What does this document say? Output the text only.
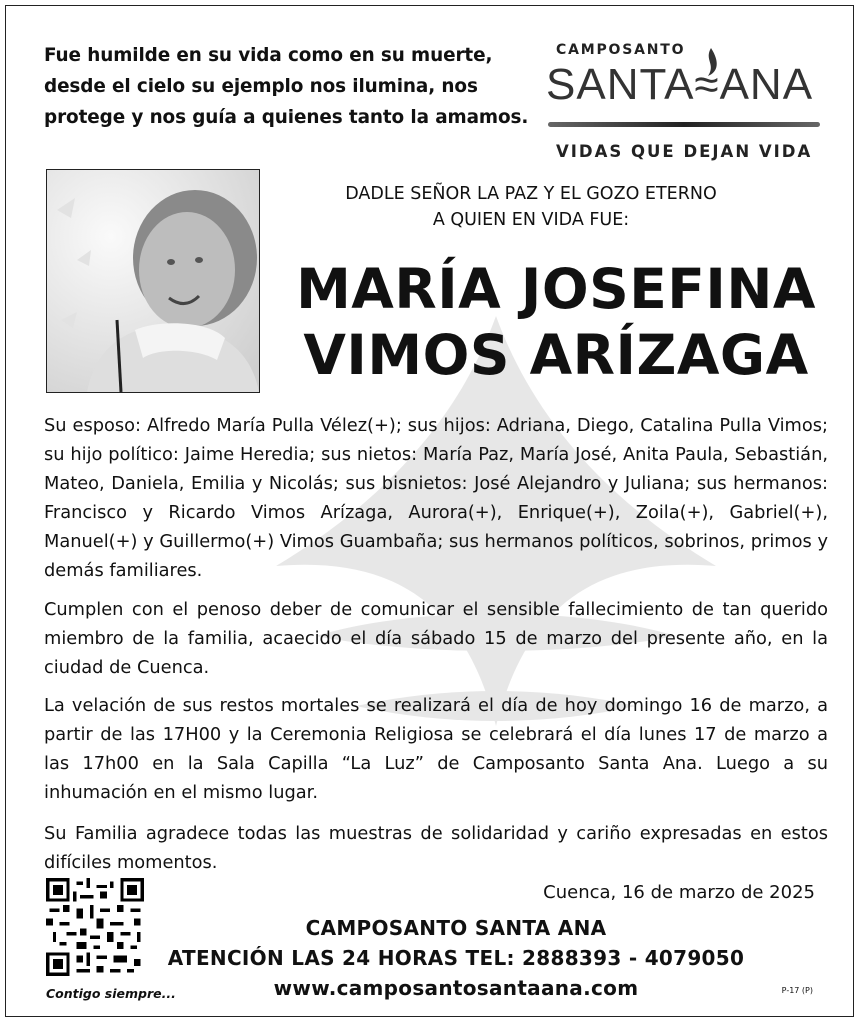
Fue humilde en su vida como en su muerte, desde el cielo su ejemplo nos ilumina, nos protege y nos guía a quienes tanto la amamos.
CAMPOSANTO
SANTA≈ANA
VIDAS QUE DEJAN VIDA
DADLE SEÑOR LA PAZ Y EL GOZO ETERNO
A QUIEN EN VIDA FUE:
MARÍA JOSEFINA
VIMOS ARÍZAGA
Su esposo: Alfredo María Pulla Vélez(+); sus hijos: Adriana, Diego, Catalina Pulla Vimos; su hijo político: Jaime Heredia; sus nietos: María Paz, María José, Anita Paula, Sebastián, Mateo, Daniela, Emilia y Nicolás; sus bisnietos: José Alejandro y Juliana; sus hermanos: Francisco y Ricardo Vimos Arízaga, Aurora(+), Enrique(+), Zoila(+), Gabriel(+), Manuel(+) y Guillermo(+) Vimos Guambaña; sus hermanos políticos, sobrinos, primos y demás familiares.
Cumplen con el penoso deber de comunicar el sensible fallecimiento de tan querido miembro de la familia, acaecido el día sábado 15 de marzo del presente año, en la ciudad de Cuenca.
La velación de sus restos mortales se realizará el día de hoy domingo 16 de marzo, a partir de las 17H00 y la Ceremonia Religiosa se celebrará el día lunes 17 de marzo a las 17h00 en la Sala Capilla “La Luz” de Camposanto Santa Ana. Luego a su inhumación en el mismo lugar.
Su Familia agradece todas las muestras de solidaridad y cariño expresadas en estos difíciles momentos.
Cuenca, 16 de marzo de 2025
Contigo siempre...
CAMPOSANTO SANTA ANA
ATENCIÓN LAS 24 HORAS TEL: 2888393 - 4079050
www.camposantosantaana.com	P-17 (P)
